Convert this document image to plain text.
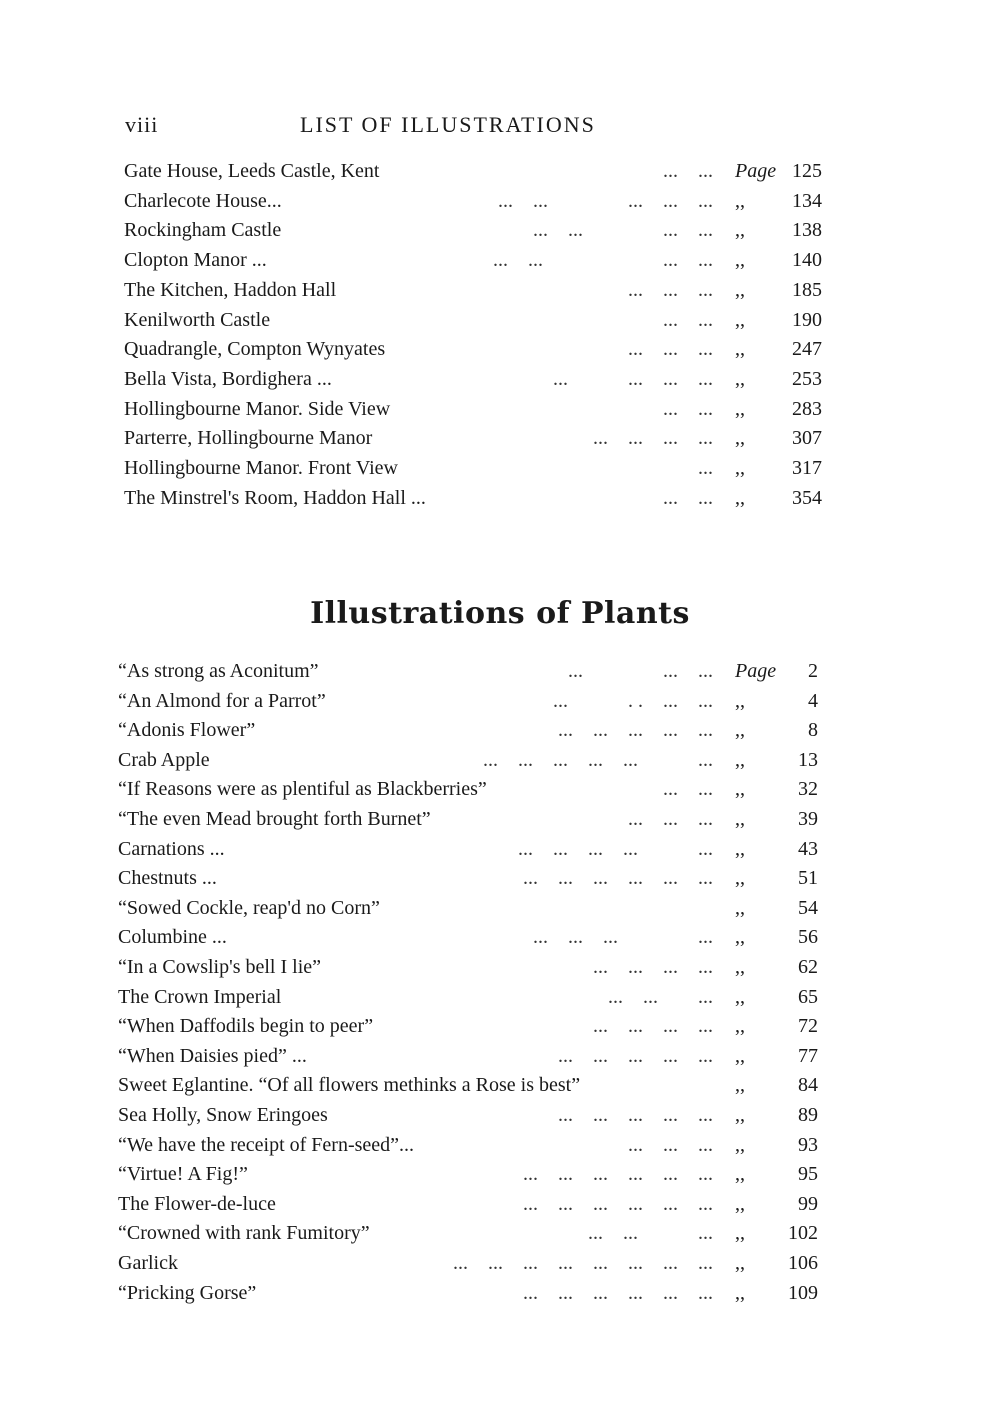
viii	LIST OF ILLUSTRATIONS
Gate House, Leeds Castle, Kent	...    ... Page 125
Charlecote House...	...    ...                ...    ...    ... ,,	134
Rockingham Castle	...    ...                ...    ... ,,	138
Clopton Manor ...	...    ...                        ...    ... ,,	140
The Kitchen, Haddon Hall	...    ...    ... ,,	185
Kenilworth Castle	...    ... ,,	190
Quadrangle, Compton Wynyates	...    ...    ... ,,	247
Bella Vista, Bordighera ...	...            ...    ...    ... ,,	253
Hollingbourne Manor. Side View	...    ... ,,	283
Parterre, Hollingbourne Manor	...    ...    ...    ... ,,	307
Hollingbourne Manor. Front View	... ,,	317
The Minstrel's Room, Haddon Hall ...	...    ... ,,	354
Illustrations of Plants
“As strong as Aconitum”	...                ...    ... Page	2
“An Almond for a Parrot”	...            . .    ...    ... ,,	4
“Adonis Flower”	...    ...    ...    ...    ... ,,	8
Crab Apple	...    ...    ...    ...    ...            ... ,,	13
“If Reasons were as plentiful as Blackberries”	...    ... ,,	32
“The even Mead brought forth Burnet”	...    ...    ... ,,	39
Carnations ...	...    ...    ...    ...            ... ,,	43
Chestnuts ...	...    ...    ...    ...    ...    ... ,,	51
“Sowed Cockle, reap'd no Corn”	,,	54
Columbine ...	...    ...    ...                ... ,,	56
“In a Cowslip's bell I lie”	...    ...    ...    ... ,,	62
The Crown Imperial	...    ...        ... ,,	65
“When Daffodils begin to peer”	...    ...    ...    ... ,,	72
“When Daisies pied” ...	...    ...    ...    ...    ... ,,	77
Sweet Eglantine. “Of all flowers methinks a Rose is best”	,,	84
Sea Holly, Snow Eringoes	...    ...    ...    ...    ... ,,	89
“We have the receipt of Fern-seed”...	...    ...    ... ,,	93
“Virtue! A Fig!”	...    ...    ...    ...    ...    ... ,,	95
The Flower-de-luce	...    ...    ...    ...    ...    ... ,,	99
“Crowned with rank Fumitory”	...    ...            ... ,,	102
Garlick	...    ...    ...    ...    ...    ...    ...    ... ,,	106
“Pricking Gorse”	...    ...    ...    ...    ...    ... ,,	109
